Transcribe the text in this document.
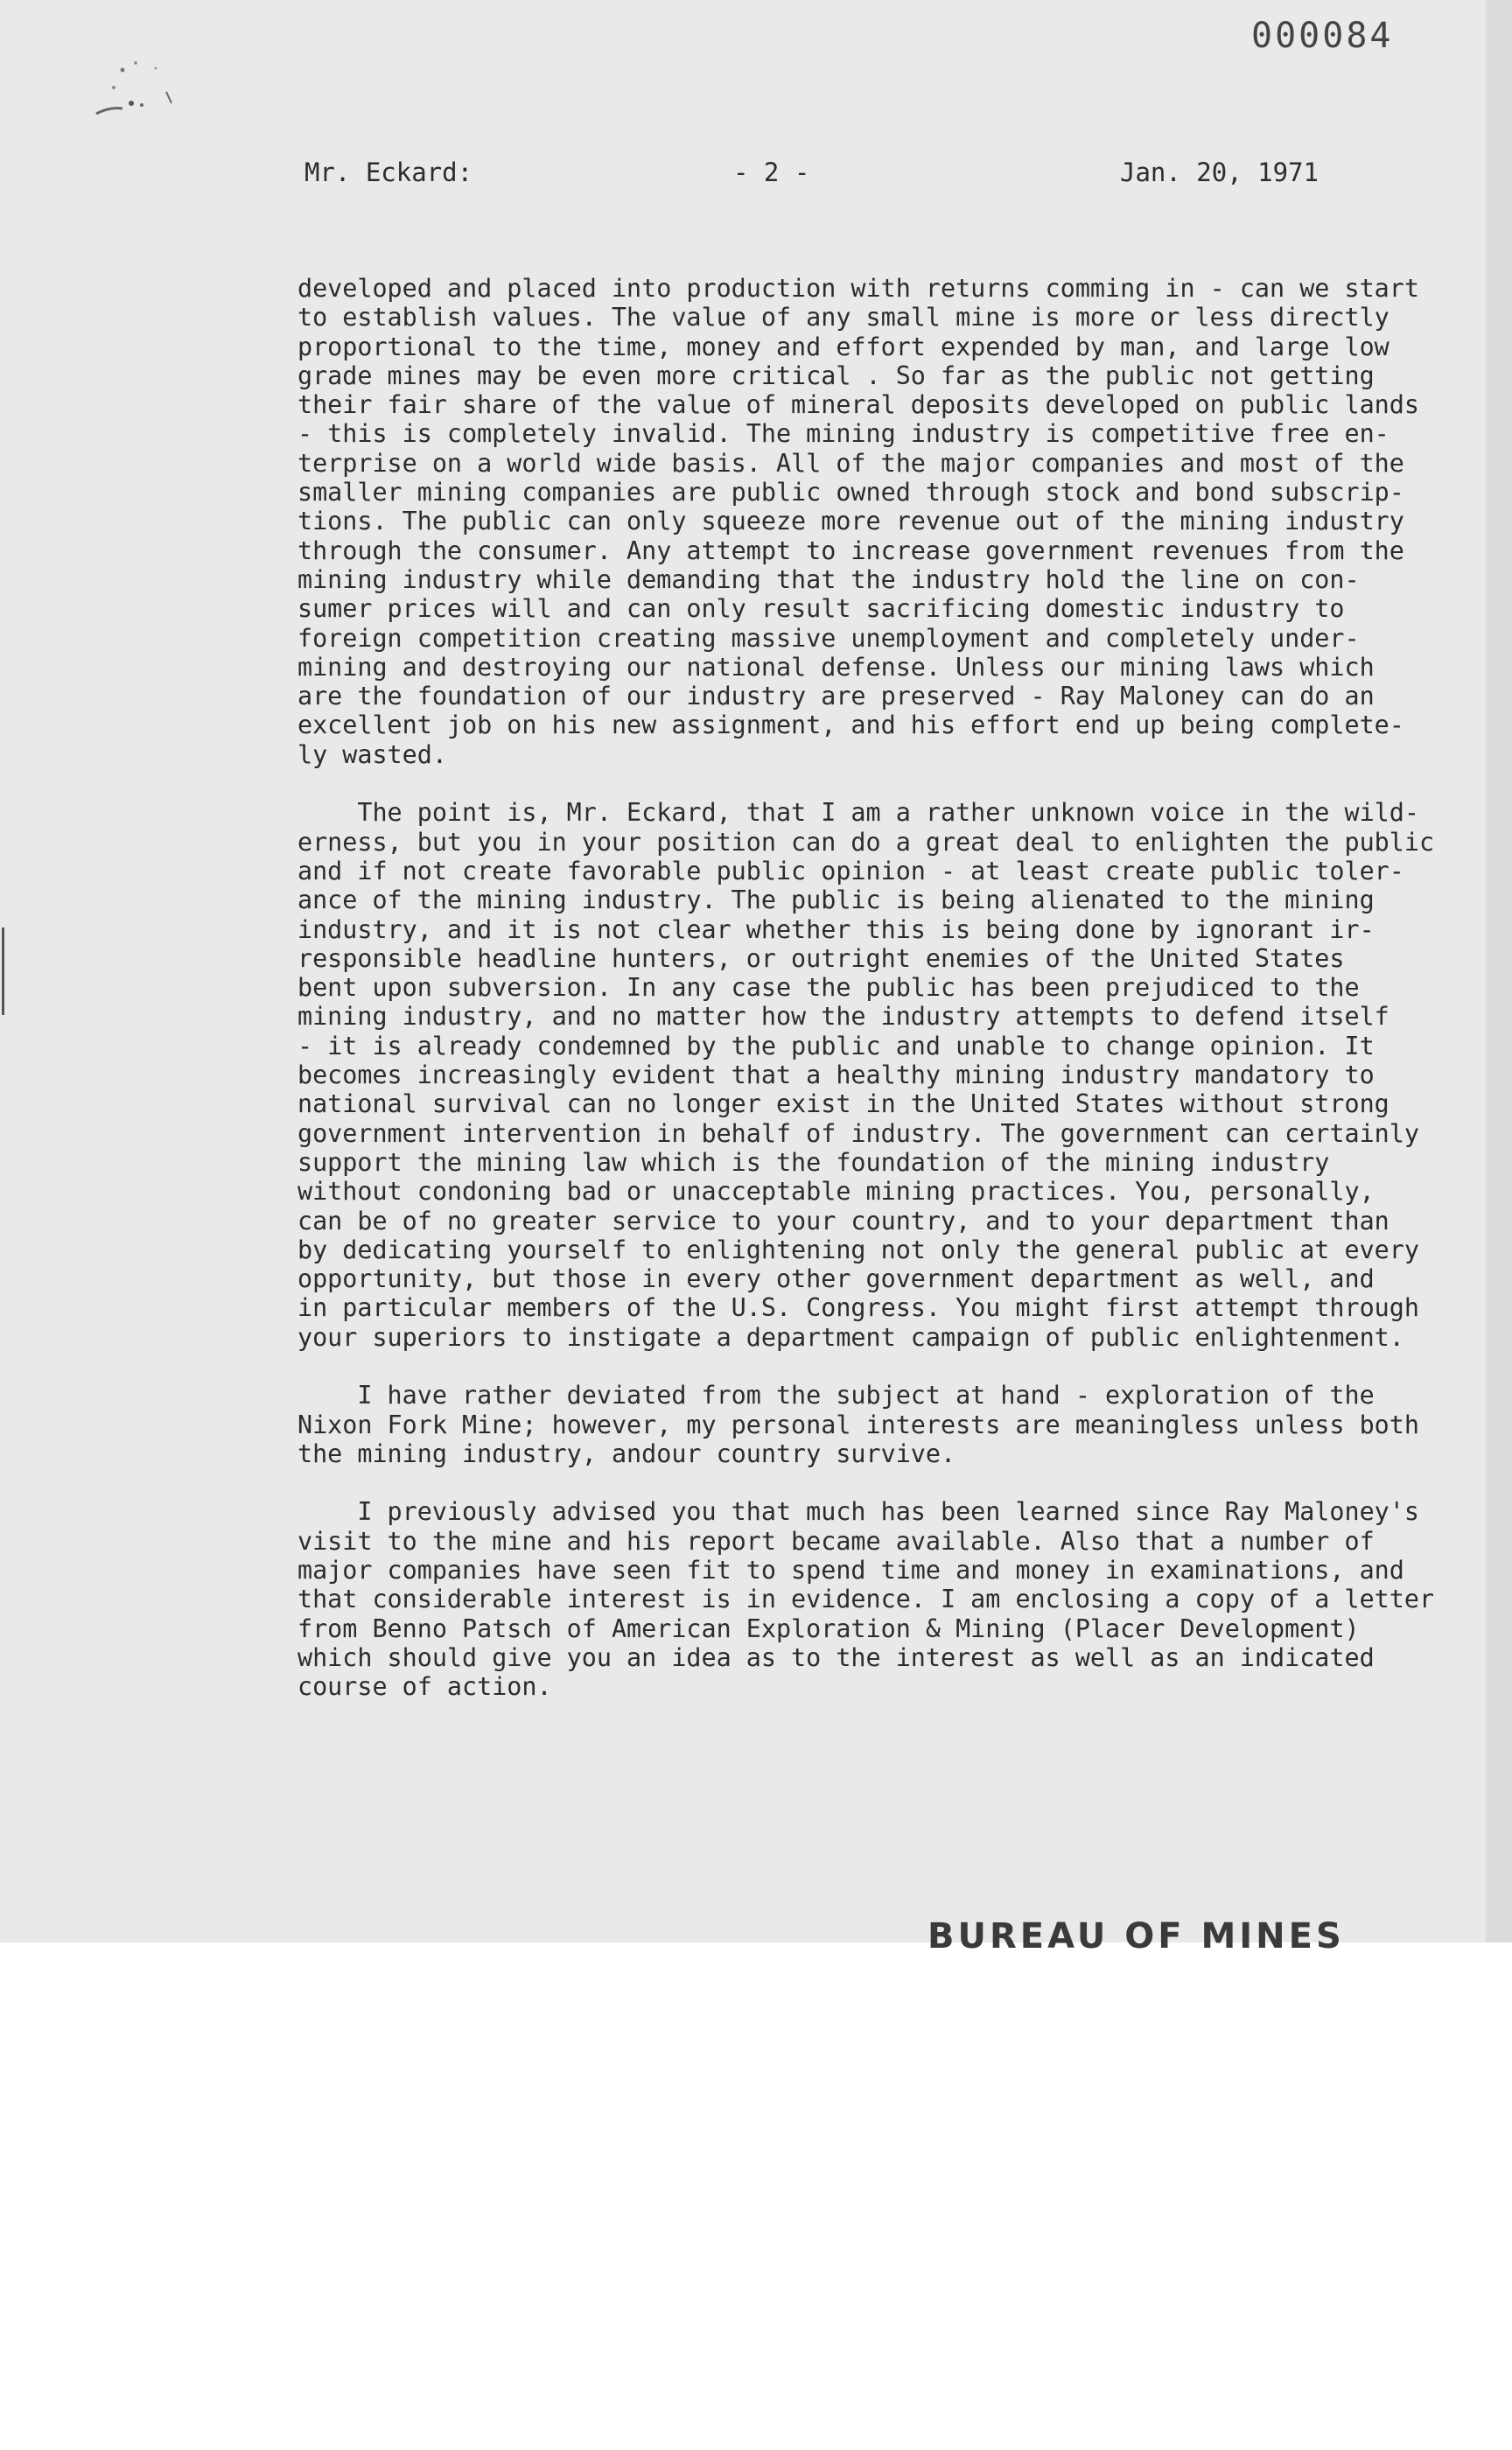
000084
Mr. Eckard:	- 2 -	Jan. 20, 1971
developed and placed into production with returns comming in - can we start
to establish values. The value of any small mine is more or less directly
proportional to the time, money and effort expended by man, and large low
grade mines may be even more critical . So far as the public not getting
their fair share of the value of mineral deposits developed on public lands
- this is completely invalid. The mining industry is competitive free en-
terprise on a world wide basis. All of the major companies and most of the
smaller mining companies are public owned through stock and bond subscrip-
tions. The public can only squeeze more revenue out of the mining industry
through the consumer. Any attempt to increase government revenues from the
mining industry while demanding that the industry hold the line on con-
sumer prices will and can only result sacrificing domestic industry to
foreign competition creating massive unemployment and completely under-
mining and destroying our national defense. Unless our mining laws which
are the foundation of our industry are preserved - Ray Maloney can do an
excellent job on his new assignment, and his effort end up being complete-
ly wasted.
The point is, Mr. Eckard, that I am a rather unknown voice in the wild-
erness, but you in your position can do a great deal to enlighten the public
and if not create favorable public opinion - at least create public toler-
ance of the mining industry. The public is being alienated to the mining
industry, and it is not clear whether this is being done by ignorant ir-
responsible headline hunters, or outright enemies of the United States
bent upon subversion. In any case the public has been prejudiced to the
mining industry, and no matter how the industry attempts to defend itself
- it is already condemned by the public and unable to change opinion. It
becomes increasingly evident that a healthy mining industry mandatory to
national survival can no longer exist in the United States without strong
government intervention in behalf of industry. The government can certainly
support the mining law which is the foundation of the mining industry
without condoning bad or unacceptable mining practices. You, personally,
can be of no greater service to your country, and to your department than
by dedicating yourself to enlightening not only the general public at every
opportunity, but those in every other government department as well, and
in particular members of the U.S. Congress. You might first attempt through
your superiors to instigate a department campaign of public enlightenment.
I have rather deviated from the subject at hand - exploration of the
Nixon Fork Mine; however, my personal interests are meaningless unless both
the mining industry, andour country survive.
I previously advised you that much has been learned since Ray Maloney's
visit to the mine and his report became available. Also that a number of
major companies have seen fit to spend time and money in examinations, and
that considerable interest is in evidence. I am enclosing a copy of a letter
from Benno Patsch of American Exploration & Mining (Placer Development)
which should give you an idea as to the interest as well as an indicated
course of action.
BUREAU OF MINES
